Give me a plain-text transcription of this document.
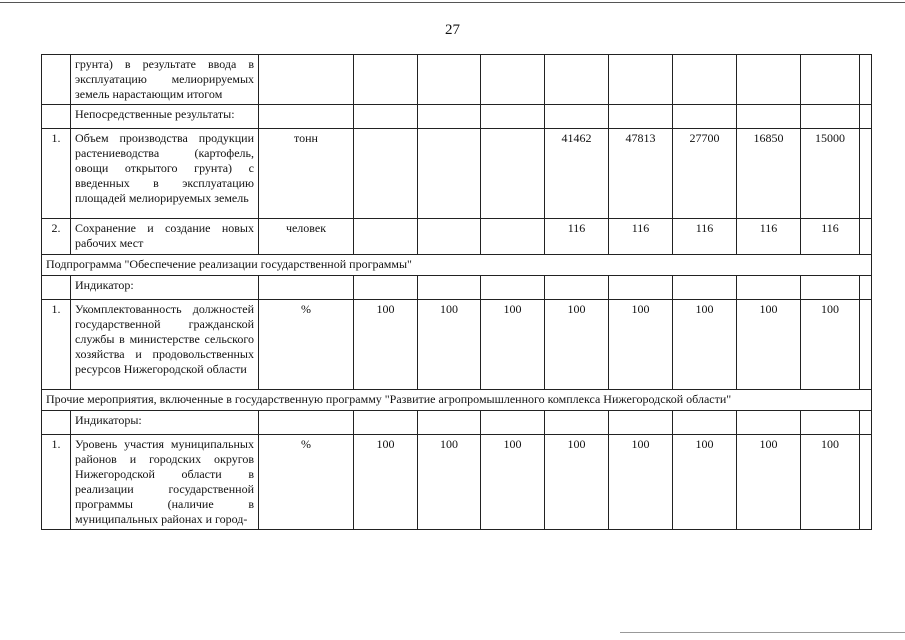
27
	грунта) в результате ввода в эксплуатацию мелиорируемых земель нарастающим итогом										
	Непосредственные результаты:										
1.	Объем производства продукции растениеводства (картофель, овощи открытого грунта) с введенных в эксплуатацию площадей мелиорируемых земель	тонн				41462	47813	27700	16850	15000	
2.	Сохранение и создание новых рабочих мест	человек				116	116	116	116	116	
Подпрограмма "Обеспечение реализации государственной программы"											
	Индикатор:										
1.	Укомплектованность должностей государственной гражданской службы в министерстве сельского хозяйства и продовольственных ресурсов Нижегородской области	%	100	100	100	100	100	100	100	100	
Прочие мероприятия, включенные в государственную программу "Развитие агропромышленного комплекса Нижегородской области"											
	Индикаторы:										
1.	Уровень участия муниципальных районов и городских округов Нижегородской области в реализации государственной программы (наличие в муниципальных районах и город-	%	100	100	100	100	100	100	100	100	
